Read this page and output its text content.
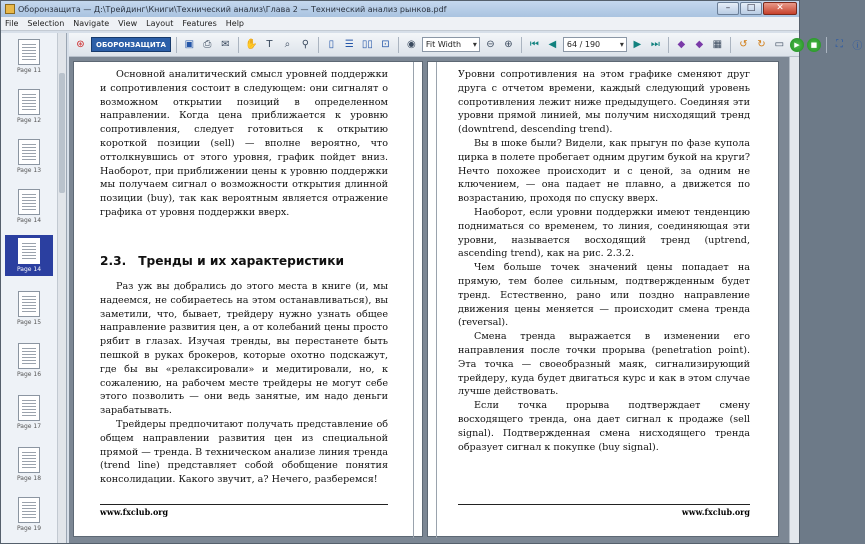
Оборонзащита — Д:\Трейдинг\Книги\Технический анализ\Глава 2 — Технический анализ рынков.pdf	–	□	✕
File Selection Navigate View Layout Features Help
Page 11
Page 12
Page 13
Page 14
Page 14
Page 15
Page 16
Page 17
Page 18
Page 19
⊛	ОБОРОНЗАЩИТА	▣ ⎙ ✉	✋ T	⌕	⚲	▯	☰ ▯▯ ⊡	◉	Fit Width ▾	⊖ ⊕	⏮ ◀	64 / 190 ▾	▶ ⏭	◆	◆ ▦	↺ ↻ ▭	▶	■	⛶ ⓘ

Основной аналитический смысл уровней поддержки и сопротивления состоит в следующем: они сигналят о возможном открытии позиций в определенном направлении. Когда цена приближается к уровню сопротивления, следует готовиться к открытию короткой позиции (sell) — вполне вероятно, что оттолкнувшись от этого уровня, график пойдет вниз. Наоборот, при приближении цены к уровню поддержки мы получаем сигнал о возможности открытия длинной позиции (buy), так как вероятным является отражение графика от уровня поддержки вверх.

2.3. Тренды и их характеристики

Раз уж вы добрались до этого места в книге (и, мы надеемся, не собираетесь на этом останавливаться), вы заметили, что, бывает, трейдеру нужно узнать общее направление развития цен, а от колебаний цены просто рябит в глазах. Изучая тренды, вы перестанете быть пешкой в руках брокеров, которые охотно подскажут, где бы вы «релаксировали» и медитировали, но, к сожалению, на рабочем месте трейдеры не могут себе этого позволить — они ведь занятые, им надо деньги зарабатывать.

Трейдеры предпочитают получать представление об общем направлении развития цен из специальной прямой — тренда. В техническом анализе линия тренда (trend line) представляет собой обобщение понятия консолидации. Какого звучит, а? Нечего, разберемся!

www.fxclub.org

Уровни сопротивления на этом графике сменяют друг друга с отчетом времени, каждый следующий уровень сопротивления лежит ниже предыдущего. Соединяя эти уровни прямой линией, мы получим нисходящий тренд (downtrend, descending trend).

Вы в шоке были? Видели, как прыгун по фазе купола цирка в полете пробегает одним другим букой на круги? Нечто похожее происходит и с ценой, за одним не ключением, — она падает не плавно, а движется по возрастанию, проходя по спуску вверх.

Наоборот, если уровни поддержки имеют тенденцию подниматься со временем, то линия, соединяющая эти уровни, называется восходящий тренд (uptrend, ascending trend), как на рис. 2.3.2.

Чем больше точек значений цены попадает на прямую, тем более сильным, подтвержденным будет тренд. Естественно, рано или поздно направление движения цены меняется — происходит смена тренда (reversal).

Смена тренда выражается в изменении его направления после точки прорыва (penetration point). Эта точка — своеобразный маяк, сигнализирующий трейдеру, куда будет двигаться курс и как в этом случае лучше действовать.

Если точка прорыва подтверждает смену восходящего тренда, она дает сигнал к продаже (sell signal). Подтвержденная смена нисходящего тренда образует сигнал к покупке (buy signal).

www.fxclub.org
